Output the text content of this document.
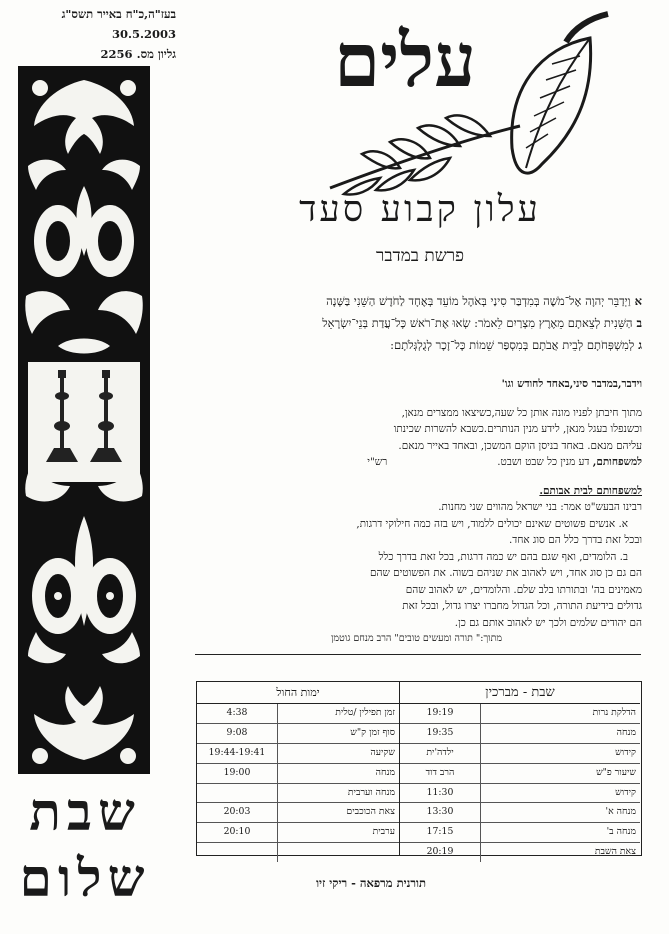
בעז"ה,כ"ח באייר תשס"ג
30.5.2003
גליון מס. 2256
שבת
שלום
עלים
עלון קבוע סעד
פרשת במדבר
אוַיְדַבֵּר יְהוָה אֶל־מֹשֶׁה בְּמִדְבַּר סִינַי בְּאֹהֶל מוֹעֵד בְּאֶחָד לַחֹדֶשׁ הַשֵּׁנִי בַּשָּׁנָה
בהַשֵּׁנִית לְצֵאתָם מֵאֶרֶץ מִצְרַיִם לֵאמֹר: שְׂאוּ אֶת־רֹאשׁ כָּל־עֲדַת בְּנֵי־יִשְׂרָאֵל
גלְמִשְׁפְּחֹתָם לְבֵית אֲבֹתָם בְּמִסְפַּר שֵׁמוֹת כָּל־זָכָר לְגֻלְגְּלֹתָם:

וידבר,במדבר סיני,באחד לחודש וגו'

מתוך חיבתן לפניו מונה אותן כל שעה,כשיצאו ממצרים מנאן,

וכשנפלו בעגל מנאן, לידע מנין הנותרים.כשבא להשרות שכינתו

עליהם מנאם. באחד בניסן הוקם המשכן, ובאחד באייר מנאם.

למשפחותם, דע מנין כל שבט ושבט.רש"י

למשפחותם לבית אבותם.

רבינו הבעש"ט אמר: בני ישראל מהווים שני מחנות.

א. אנשים פשוטים שאינם יכולים ללמוד, ויש בזה כמה חילוקי דרגות,

ובכל זאת בדרך כלל הם סוג אחד.

ב. הלומדים, ואף שגם בהם יש כמה דרגות, בכל זאת בדרך כלל

הם גם כן סוג אחד, ויש לאהוב את שניהם בשוה. את הפשוטים שהם

מאמינים בה' ובתורתו בלב שלם. והלומדים, יש לאהוב שהם

גדולים בידיעת התורה, וכל הגדול מחברו יצרו גדול, ובכל זאת

הם יהודים שלמים ולכך יש לאהוב אותם גם כן.

מתוך:" תורה ומעשים טובים" הרב מנחם גוטמן

ימות החול
4:38	זמן תפילין /טלית
9:08	סוף זמן ק"ש
19:44-19:41	שקיעה
19:00	מנחה
מנחה וערבית
20:03	צאת הכוכבים
20:10	ערבית
שבת - מברכין
19:19	הדלקת נרות
19:35	מנחה
ילדה'ית	קידוש
הרב דוד	שיעור פ"ש
11:30	קידוש
13:30	מנחה א'
17:15	מנחה ב'
20:19	צאת השבת
תורנית מרפאה - ריקי זיו
